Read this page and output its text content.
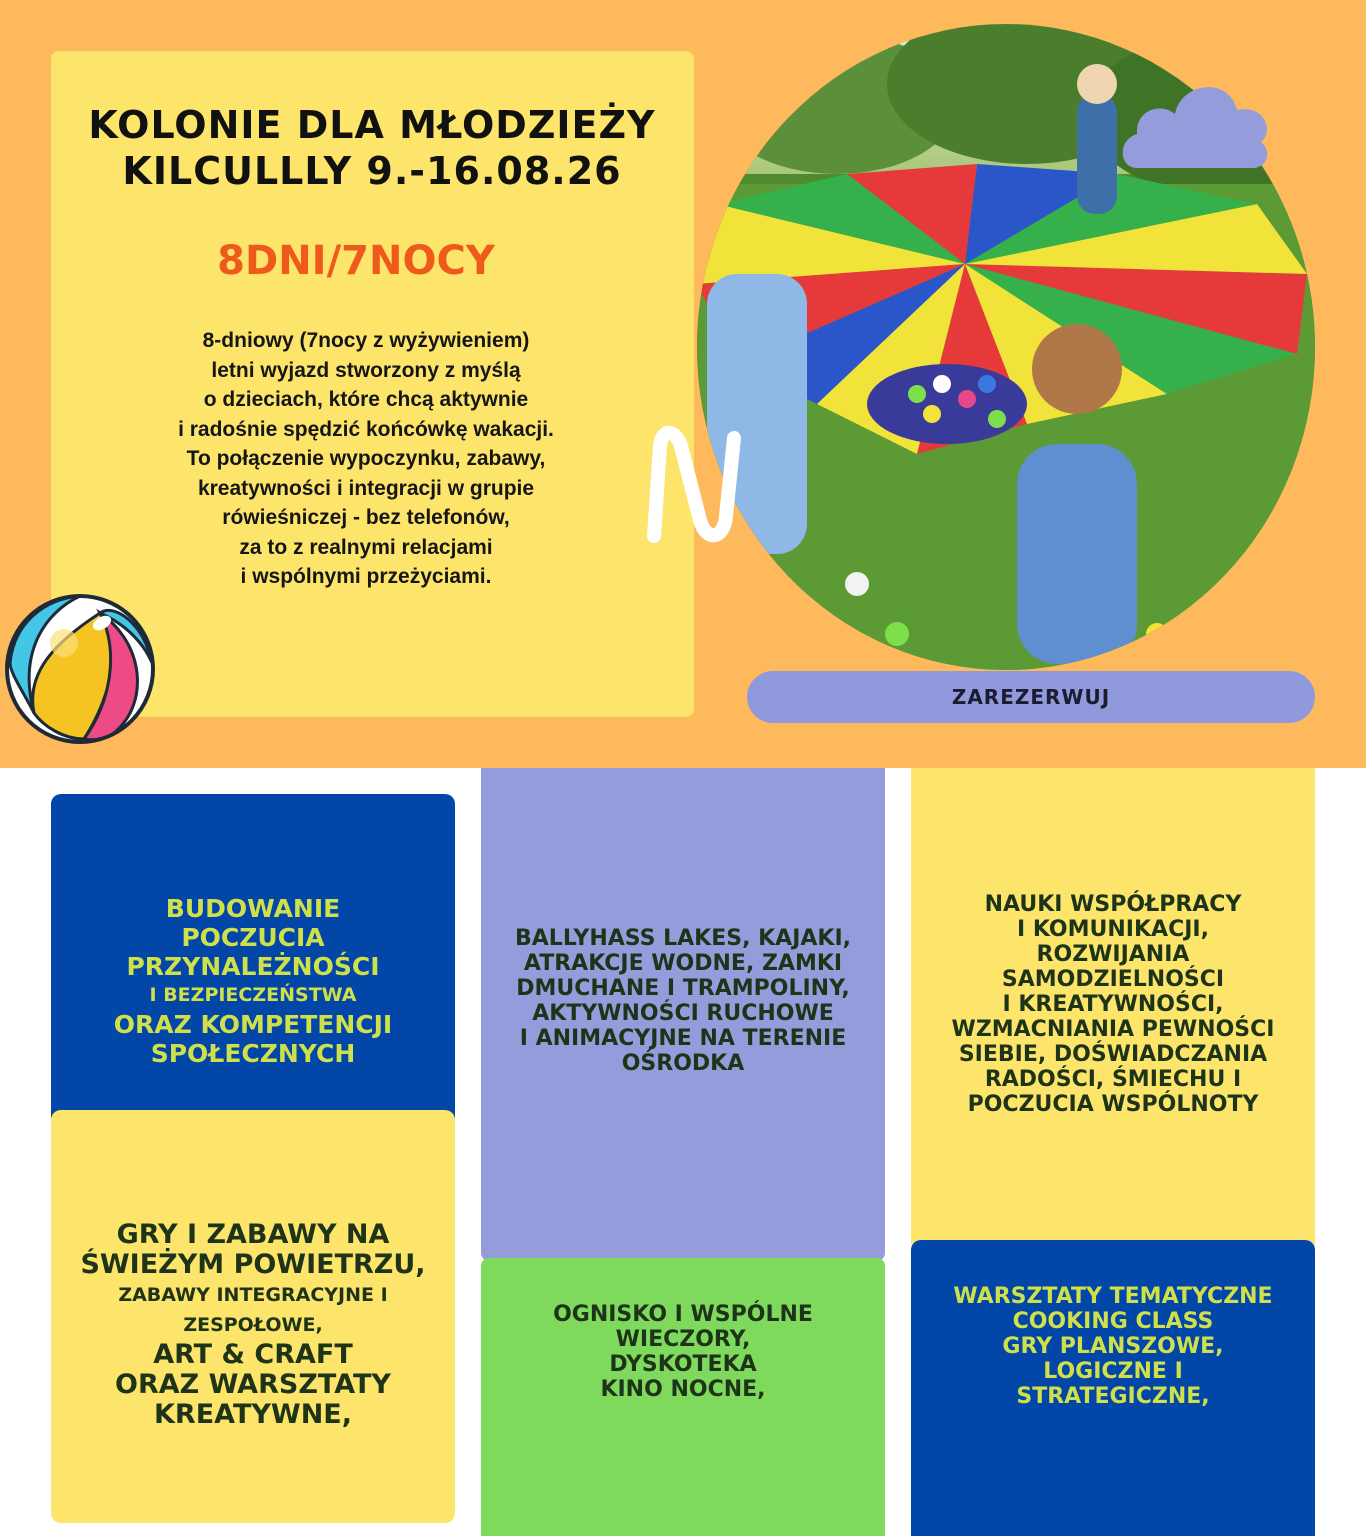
KOLONIE DLA MŁODZIEŻY
KILCULLLY 9.-16.08.26
8DNI/7NOCY
8-dniowy (7nocy z wyżywieniem)
letni wyjazd stworzony z myślą
o dzieciach, które chcą aktywnie
i radośnie spędzić końcówkę wakacji.
To połączenie wypoczynku, zabawy,
kreatywności i integracji w grupie
rówieśniczej - bez telefonów,
za to z realnymi relacjami
i wspólnymi przeżyciami.
ZAREZERWUJ
BUDOWANIE
POCZUCIA
PRZYNALEŻNOŚCI
I BEZPIECZEŃSTWA
ORAZ KOMPETENCJI
SPOŁECZNYCH
GRY I ZABAWY NA
ŚWIEŻYM POWIETRZU,
ZABAWY INTEGRACYJNE I
ZESPOŁOWE,
ART & CRAFT
ORAZ WARSZTATY
KREATYWNE,
BALLYHASS LAKES, KAJAKI,
ATRAKCJE WODNE, ZAMKI
DMUCHANE I TRAMPOLINY,
AKTYWNOŚCI RUCHOWE
I ANIMACYJNE NA TERENIE
OŚRODKA
OGNISKO I WSPÓLNE
WIECZORY,
DYSKOTEKA
KINO NOCNE,
NAUKI WSPÓŁPRACY
I KOMUNIKACJI,
ROZWIJANIA
SAMODZIELNOŚCI
I KREATYWNOŚCI,
WZMACNIANIA PEWNOŚCI
SIEBIE, DOŚWIADCZANIA
RADOŚCI, ŚMIECHU I
POCZUCIA WSPÓLNOTY
WARSZTATY TEMATYCZNE
COOKING CLASS
GRY PLANSZOWE,
LOGICZNE I
STRATEGICZNE,
